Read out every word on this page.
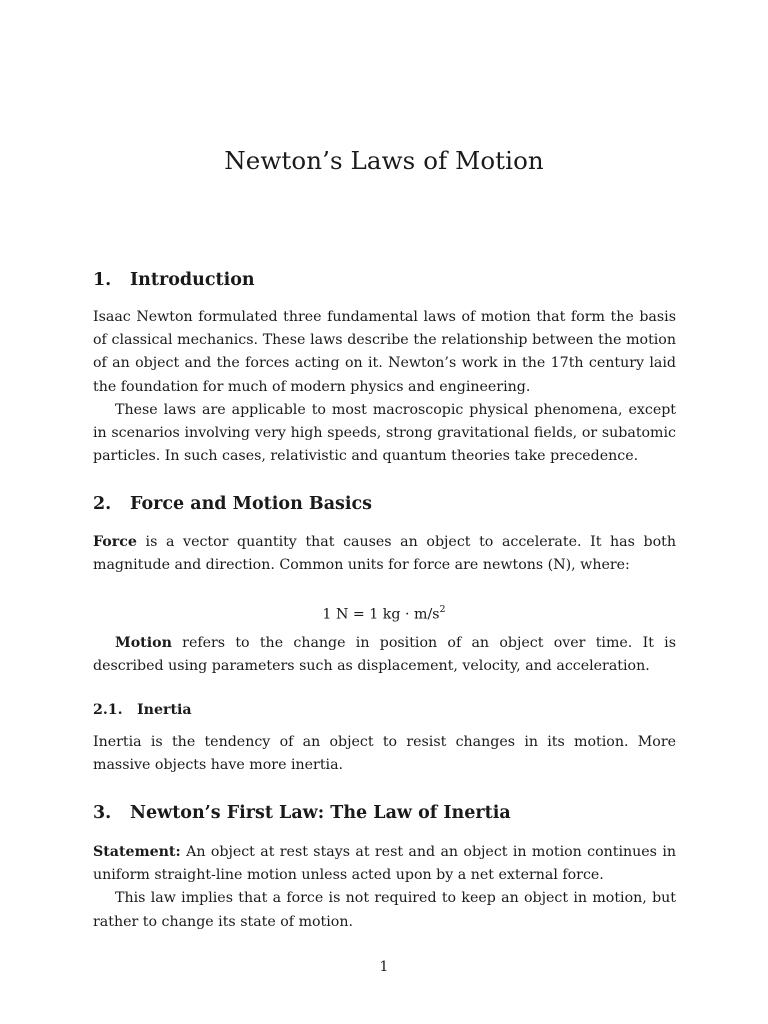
Newton’s Laws of Motion
1. Introduction

Isaac Newton formulated three fundamental laws of motion that form the basis of classical mechanics. These laws describe the relationship between the motion of an object and the forces acting on it. Newton’s work in the 17th century laid the foundation for much of modern physics and engineering.

These laws are applicable to most macroscopic physical phenomena, except in scenarios involving very high speeds, strong gravitational fields, or subatomic particles. In such cases, relativistic and quantum theories take precedence.

2. Force and Motion Basics

Force is a vector quantity that causes an object to accelerate. It has both magnitude and direction. Common units for force are newtons (N), where:

1 N = 1 kg · $m/s^2$

Motion refers to the change in position of an object over time. It is described using parameters such as displacement, velocity, and acceleration.

2.1. Inertia

Inertia is the tendency of an object to resist changes in its motion. More massive objects have more inertia.

3. Newton’s First Law: The Law of Inertia

Statement: An object at rest stays at rest and an object in motion continues in uniform straight-line motion unless acted upon by a net external force.

This law implies that a force is not required to keep an object in motion, but rather to change its state of motion.

1
